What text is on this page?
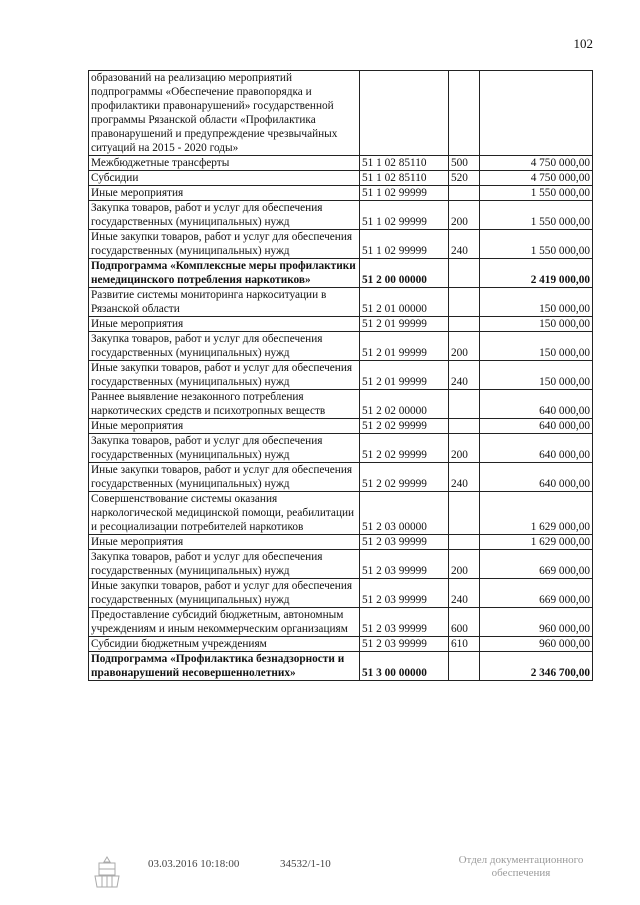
102
образований на реализацию мероприятий подпрограммы «Обеспечение правопорядка и профилактики правонарушений» государственной программы Рязанской области «Профилактика правонарушений и предупреждение чрезвычайных ситуаций на 2015 - 2020 годы»			
Межбюджетные трансферты	51 1 02 85110	500	4 750 000,00
Субсидии	51 1 02 85110	520	4 750 000,00
Иные мероприятия	51 1 02 99999		1 550 000,00
Закупка товаров, работ и услуг для обеспечения государственных (муниципальных) нужд	51 1 02 99999	200	1 550 000,00
Иные закупки товаров, работ и услуг для обеспечения государственных (муниципальных) нужд	51 1 02 99999	240	1 550 000,00
Подпрограмма «Комплексные меры профилактики немедицинского потребления наркотиков»	51 2 00 00000		2 419 000,00
Развитие системы мониторинга наркоситуации в Рязанской области	51 2 01 00000		150 000,00
Иные мероприятия	51 2 01 99999		150 000,00
Закупка товаров, работ и услуг для обеспечения государственных (муниципальных) нужд	51 2 01 99999	200	150 000,00
Иные закупки товаров, работ и услуг для обеспечения государственных (муниципальных) нужд	51 2 01 99999	240	150 000,00
Раннее выявление незаконного потребления наркотических средств и психотропных веществ	51 2 02 00000		640 000,00
Иные мероприятия	51 2 02 99999		640 000,00
Закупка товаров, работ и услуг для обеспечения государственных (муниципальных) нужд	51 2 02 99999	200	640 000,00
Иные закупки товаров, работ и услуг для обеспечения государственных (муниципальных) нужд	51 2 02 99999	240	640 000,00
Совершенствование системы оказания наркологической медицинской помощи, реабилитации и ресоциализации потребителей наркотиков	51 2 03 00000		1 629 000,00
Иные мероприятия	51 2 03 99999		1 629 000,00
Закупка товаров, работ и услуг для обеспечения государственных (муниципальных) нужд	51 2 03 99999	200	669 000,00
Иные закупки товаров, работ и услуг для обеспечения государственных (муниципальных) нужд	51 2 03 99999	240	669 000,00
Предоставление субсидий бюджетным, автономным учреждениям и иным некоммерческим организациям	51 2 03 99999	600	960 000,00
Субсидии бюджетным учреждениям	51 2 03 99999	610	960 000,00
Подпрограмма «Профилактика безнадзорности и правонарушений несовершеннолетних»	51 3 00 00000		2 346 700,00
03.03.2016 10:18:00	34532/1-10	Отдел документационного
обеспечения
